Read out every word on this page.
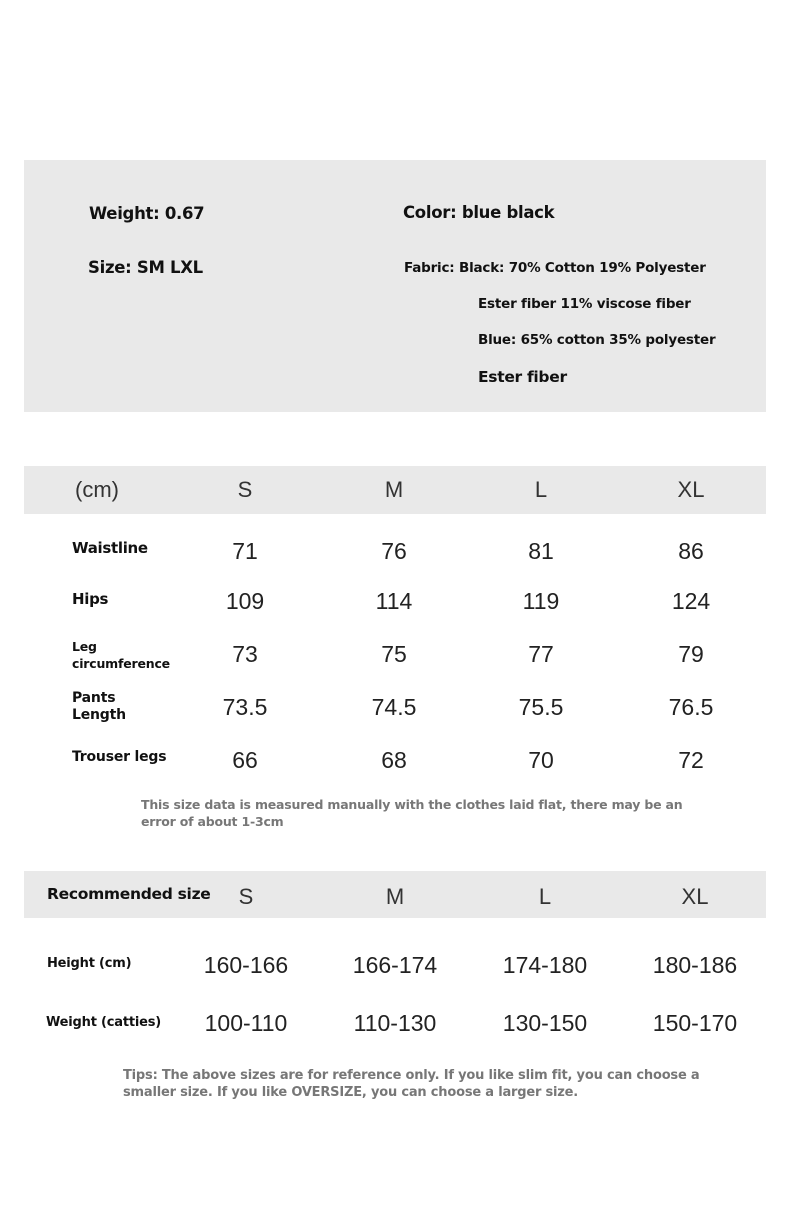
Weight: 0.67	Color: blue black
Size: SM LXL	Fabric: Black: 70% Cotton 19% Polyester
Ester fiber 11% viscose fiber
Blue: 65% cotton 35% polyester
Ester fiber
(cm)	S	M	L	XL
Waistline	71	76	81	86
Hips	109	114	119	124
Leg
circumference	73	75	77	79
Pants
Length	73.5	74.5	75.5	76.5
Trouser legs	66	68	70	72
This size data is measured manually with the clothes laid flat, there may be an
error of about 1-3cm
Recommended size	S	M	L	XL
Height (cm)	160-166	166-174	174-180	180-186
Weight (catties)	100-110	110-130	130-150	150-170
Tips: The above sizes are for reference only. If you like slim fit, you can choose a
smaller size. If you like OVERSIZE, you can choose a larger size.
